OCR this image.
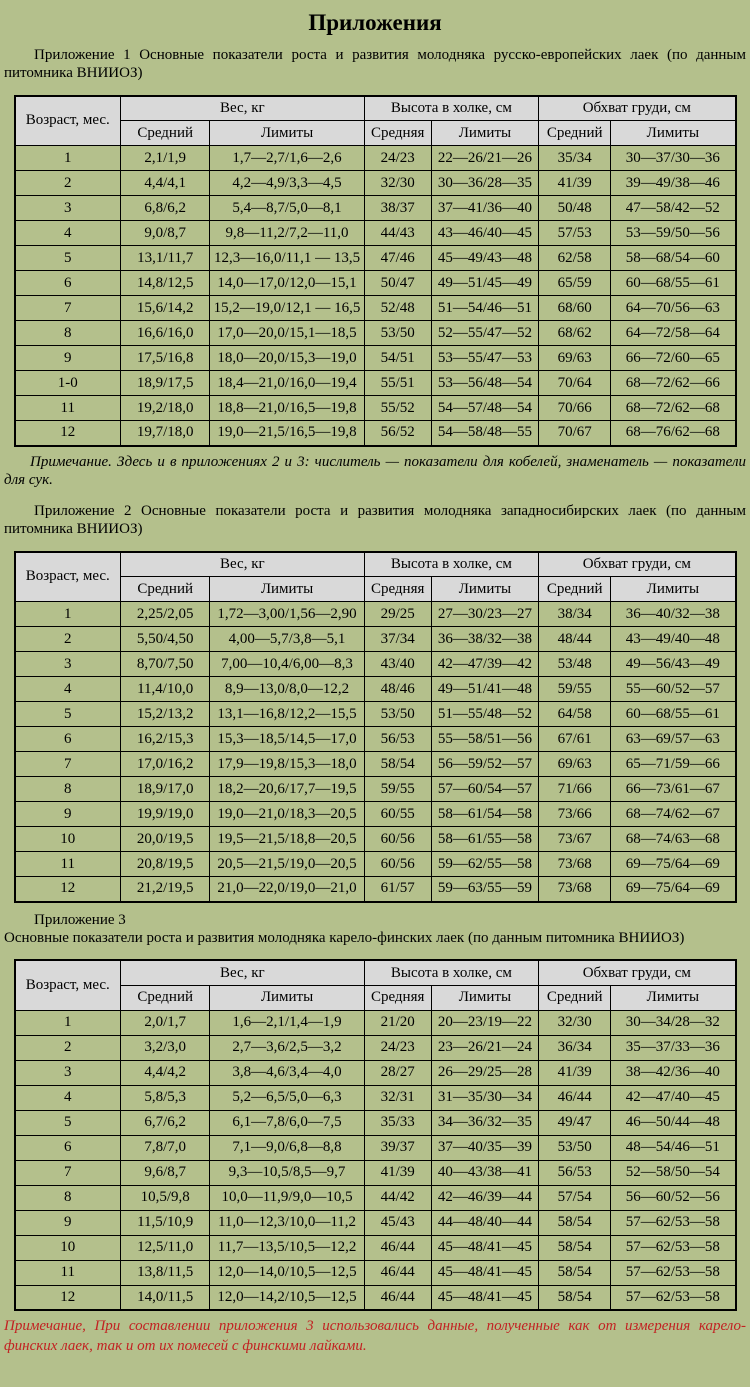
Приложения

Приложение 1 Основные показатели роста и развития молодняка русско-европейских лаек (по данным питомника ВНИИОЗ)

Возраст, мес.	Вес, кг		Высота в холке, см		Обхват груди, см	
	Средний	Лимиты	Средняя	Лимиты	Средний	Лимиты
1	2,1/1,9	1,7—2,7/1,6—2,6	24/23	22—26/21—26	35/34	30—37/30—36
2	4,4/4,1	4,2—4,9/3,3—4,5	32/30	30—36/28—35	41/39	39—49/38—46
3	6,8/6,2	5,4—8,7/5,0—8,1	38/37	37—41/36—40	50/48	47—58/42—52
4	9,0/8,7	9,8—11,2/7,2—11,0	44/43	43—46/40—45	57/53	53—59/50—56
5	13,1/11,7	12,3—16,0/11,1 — 13,5	47/46	45—49/43—48	62/58	58—68/54—60
6	14,8/12,5	14,0—17,0/12,0—15,1	50/47	49—51/45—49	65/59	60—68/55—61
7	15,6/14,2	15,2—19,0/12,1 — 16,5	52/48	51—54/46—51	68/60	64—70/56—63
8	16,6/16,0	17,0—20,0/15,1—18,5	53/50	52—55/47—52	68/62	64—72/58—64
9	17,5/16,8	18,0—20,0/15,3—19,0	54/51	53—55/47—53	69/63	66—72/60—65
1-0	18,9/17,5	18,4—21,0/16,0—19,4	55/51	53—56/48—54	70/64	68—72/62—66
11	19,2/18,0	18,8—21,0/16,5—19,8	55/52	54—57/48—54	70/66	68—72/62—68
12	19,7/18,0	19,0—21,5/16,5—19,8	56/52	54—58/48—55	70/67	68—76/62—68

Примечание. Здесь и в приложениях 2 и 3: числитель — показатели для кобелей, знаменатель — показатели для сук.

Приложение 2 Основные показатели роста и развития молодняка западносибирских лаек (по данным питомника ВНИИОЗ)

Возраст, мес.	Вес, кг		Высота в холке, см		Обхват груди, см	
	Средний	Лимиты	Средняя	Лимиты	Средний	Лимиты
1	2,25/2,05	1,72—3,00/1,56—2,90	29/25	27—30/23—27	38/34	36—40/32—38
2	5,50/4,50	4,00—5,7/3,8—5,1	37/34	36—38/32—38	48/44	43—49/40—48
3	8,70/7,50	7,00—10,4/6,00—8,3	43/40	42—47/39—42	53/48	49—56/43—49
4	11,4/10,0	8,9—13,0/8,0—12,2	48/46	49—51/41—48	59/55	55—60/52—57
5	15,2/13,2	13,1—16,8/12,2—15,5	53/50	51—55/48—52	64/58	60—68/55—61
6	16,2/15,3	15,3—18,5/14,5—17,0	56/53	55—58/51—56	67/61	63—69/57—63
7	17,0/16,2	17,9—19,8/15,3—18,0	58/54	56—59/52—57	69/63	65—71/59—66
8	18,9/17,0	18,2—20,6/17,7—19,5	59/55	57—60/54—57	71/66	66—73/61—67
9	19,9/19,0	19,0—21,0/18,3—20,5	60/55	58—61/54—58	73/66	68—74/62—67
10	20,0/19,5	19,5—21,5/18,8—20,5	60/56	58—61/55—58	73/67	68—74/63—68
11	20,8/19,5	20,5—21,5/19,0—20,5	60/56	59—62/55—58	73/68	69—75/64—69
12	21,2/19,5	21,0—22,0/19,0—21,0	61/57	59—63/55—59	73/68	69—75/64—69

Приложение 3
Основные показатели роста и развития молодняка карело-финских лаек (по данным питомника ВНИИОЗ)

Возраст, мес.	Вес, кг		Высота в холке, см		Обхват груди, см	
	Средний	Лимиты	Средняя	Лимиты	Средний	Лимиты
1	2,0/1,7	1,6—2,1/1,4—1,9	21/20	20—23/19—22	32/30	30—34/28—32
2	3,2/3,0	2,7—3,6/2,5—3,2	24/23	23—26/21—24	36/34	35—37/33—36
3	4,4/4,2	3,8—4,6/3,4—4,0	28/27	26—29/25—28	41/39	38—42/36—40
4	5,8/5,3	5,2—6,5/5,0—6,3	32/31	31—35/30—34	46/44	42—47/40—45
5	6,7/6,2	6,1—7,8/6,0—7,5	35/33	34—36/32—35	49/47	46—50/44—48
6	7,8/7,0	7,1—9,0/6,8—8,8	39/37	37—40/35—39	53/50	48—54/46—51
7	9,6/8,7	9,3—10,5/8,5—9,7	41/39	40—43/38—41	56/53	52—58/50—54
8	10,5/9,8	10,0—11,9/9,0—10,5	44/42	42—46/39—44	57/54	56—60/52—56
9	11,5/10,9	11,0—12,3/10,0—11,2	45/43	44—48/40—44	58/54	57—62/53—58
10	12,5/11,0	11,7—13,5/10,5—12,2	46/44	45—48/41—45	58/54	57—62/53—58
11	13,8/11,5	12,0—14,0/10,5—12,5	46/44	45—48/41—45	58/54	57—62/53—58
12	14,0/11,5	12,0—14,2/10,5—12,5	46/44	45—48/41—45	58/54	57—62/53—58

Примечание, При составлении приложения 3 использовались данные, полученные как от измерения карело-финских лаек, так и от их помесей с финскими лайками.
